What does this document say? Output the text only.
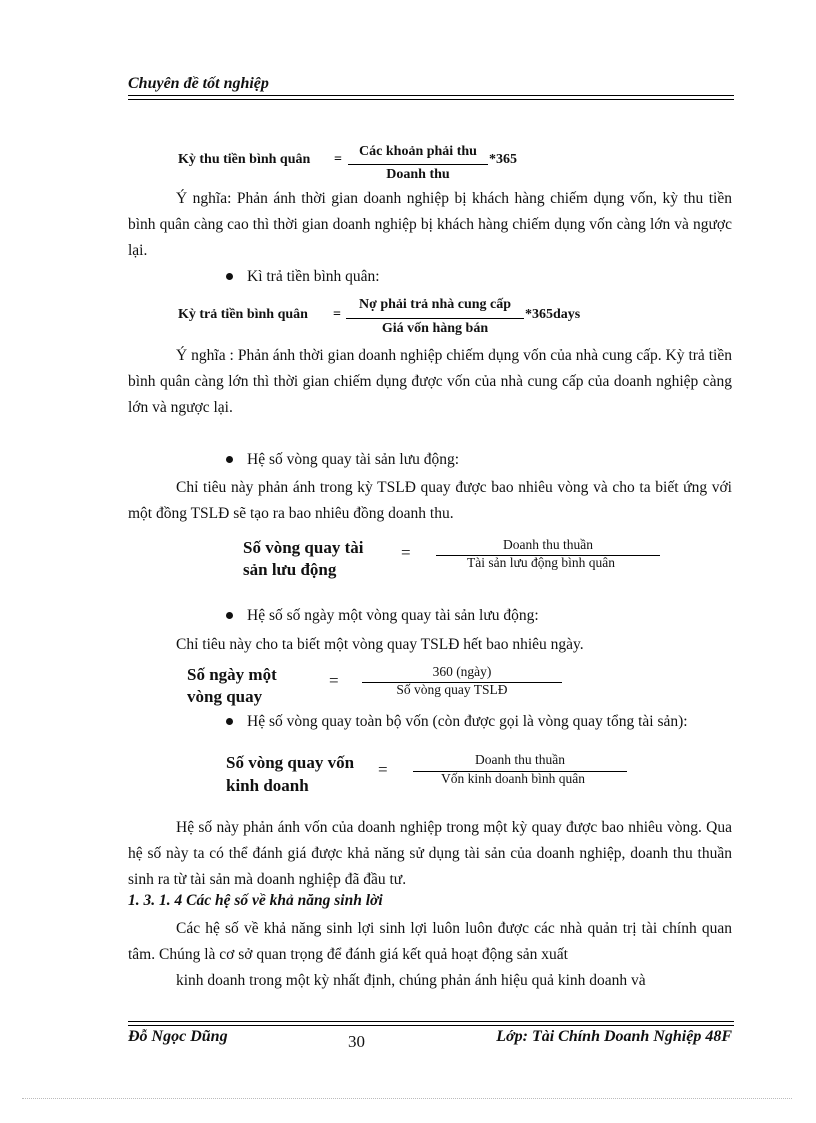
Chuyên đề tốt nghiệp
Kỳ thu tiền bình quân =
Các khoản phải thu
Doanh thu
*365
Ý nghĩa: Phản ánh thời gian doanh nghiệp bị khách hàng chiếm dụng vốn, kỳ thu tiền bình quân càng cao thì thời gian doanh nghiệp bị khách hàng chiếm dụng vốn càng lớn và ngược lại.
Kì trả tiền bình quân:
Kỳ trả tiền bình quân =
Nợ phải trả nhà cung cấp
Giá vốn hàng bán
*365days
Ý nghĩa : Phản ánh thời gian doanh nghiệp chiếm dụng vốn của nhà cung cấp. Kỳ trả tiền bình quân càng lớn thì thời gian chiếm dụng được vốn của nhà cung cấp của doanh nghiệp càng lớn và ngược lại.
Hệ số vòng quay tài sản lưu động:
Chỉ tiêu này phản ánh trong kỳ TSLĐ quay được bao nhiêu vòng và cho ta biết ứng với một đồng TSLĐ sẽ tạo ra bao nhiêu đồng doanh thu.
Số vòng quay tài
sản lưu động
=	Doanh thu thuần
Tài sản lưu động bình quân
Hệ số số ngày một vòng quay tài sản lưu động:
Chỉ tiêu này cho ta biết một vòng quay TSLĐ hết bao nhiêu ngày.
Số ngày một
vòng quay
=	360 (ngày)
Số vòng quay TSLĐ
Hệ số vòng quay toàn bộ vốn (còn được gọi là vòng quay tổng tài sản):
Số vòng quay vốn
kinh doanh
=
Doanh thu thuần
Vốn kinh doanh bình quân
Hệ số này phản ánh vốn của doanh nghiệp trong một kỳ quay được bao nhiêu vòng. Qua hệ số này ta có thể đánh giá được khả năng sử dụng tài sản của doanh nghiệp, doanh thu thuần sinh ra từ tài sản mà doanh nghiệp đã đầu tư.
1. 3. 1. 4 Các hệ số về khả năng sinh lời
Các hệ số về khả năng sinh lợi sinh lợi luôn luôn được các nhà quản trị tài chính quan tâm. Chúng là cơ sở quan trọng để đánh giá kết quả hoạt động sản xuất
kinh doanh trong một kỳ nhất định, chúng phản ánh hiệu quả kinh doanh và
Đỗ Ngọc Dũng	30	Lớp: Tài Chính Doanh Nghiệp 48F
